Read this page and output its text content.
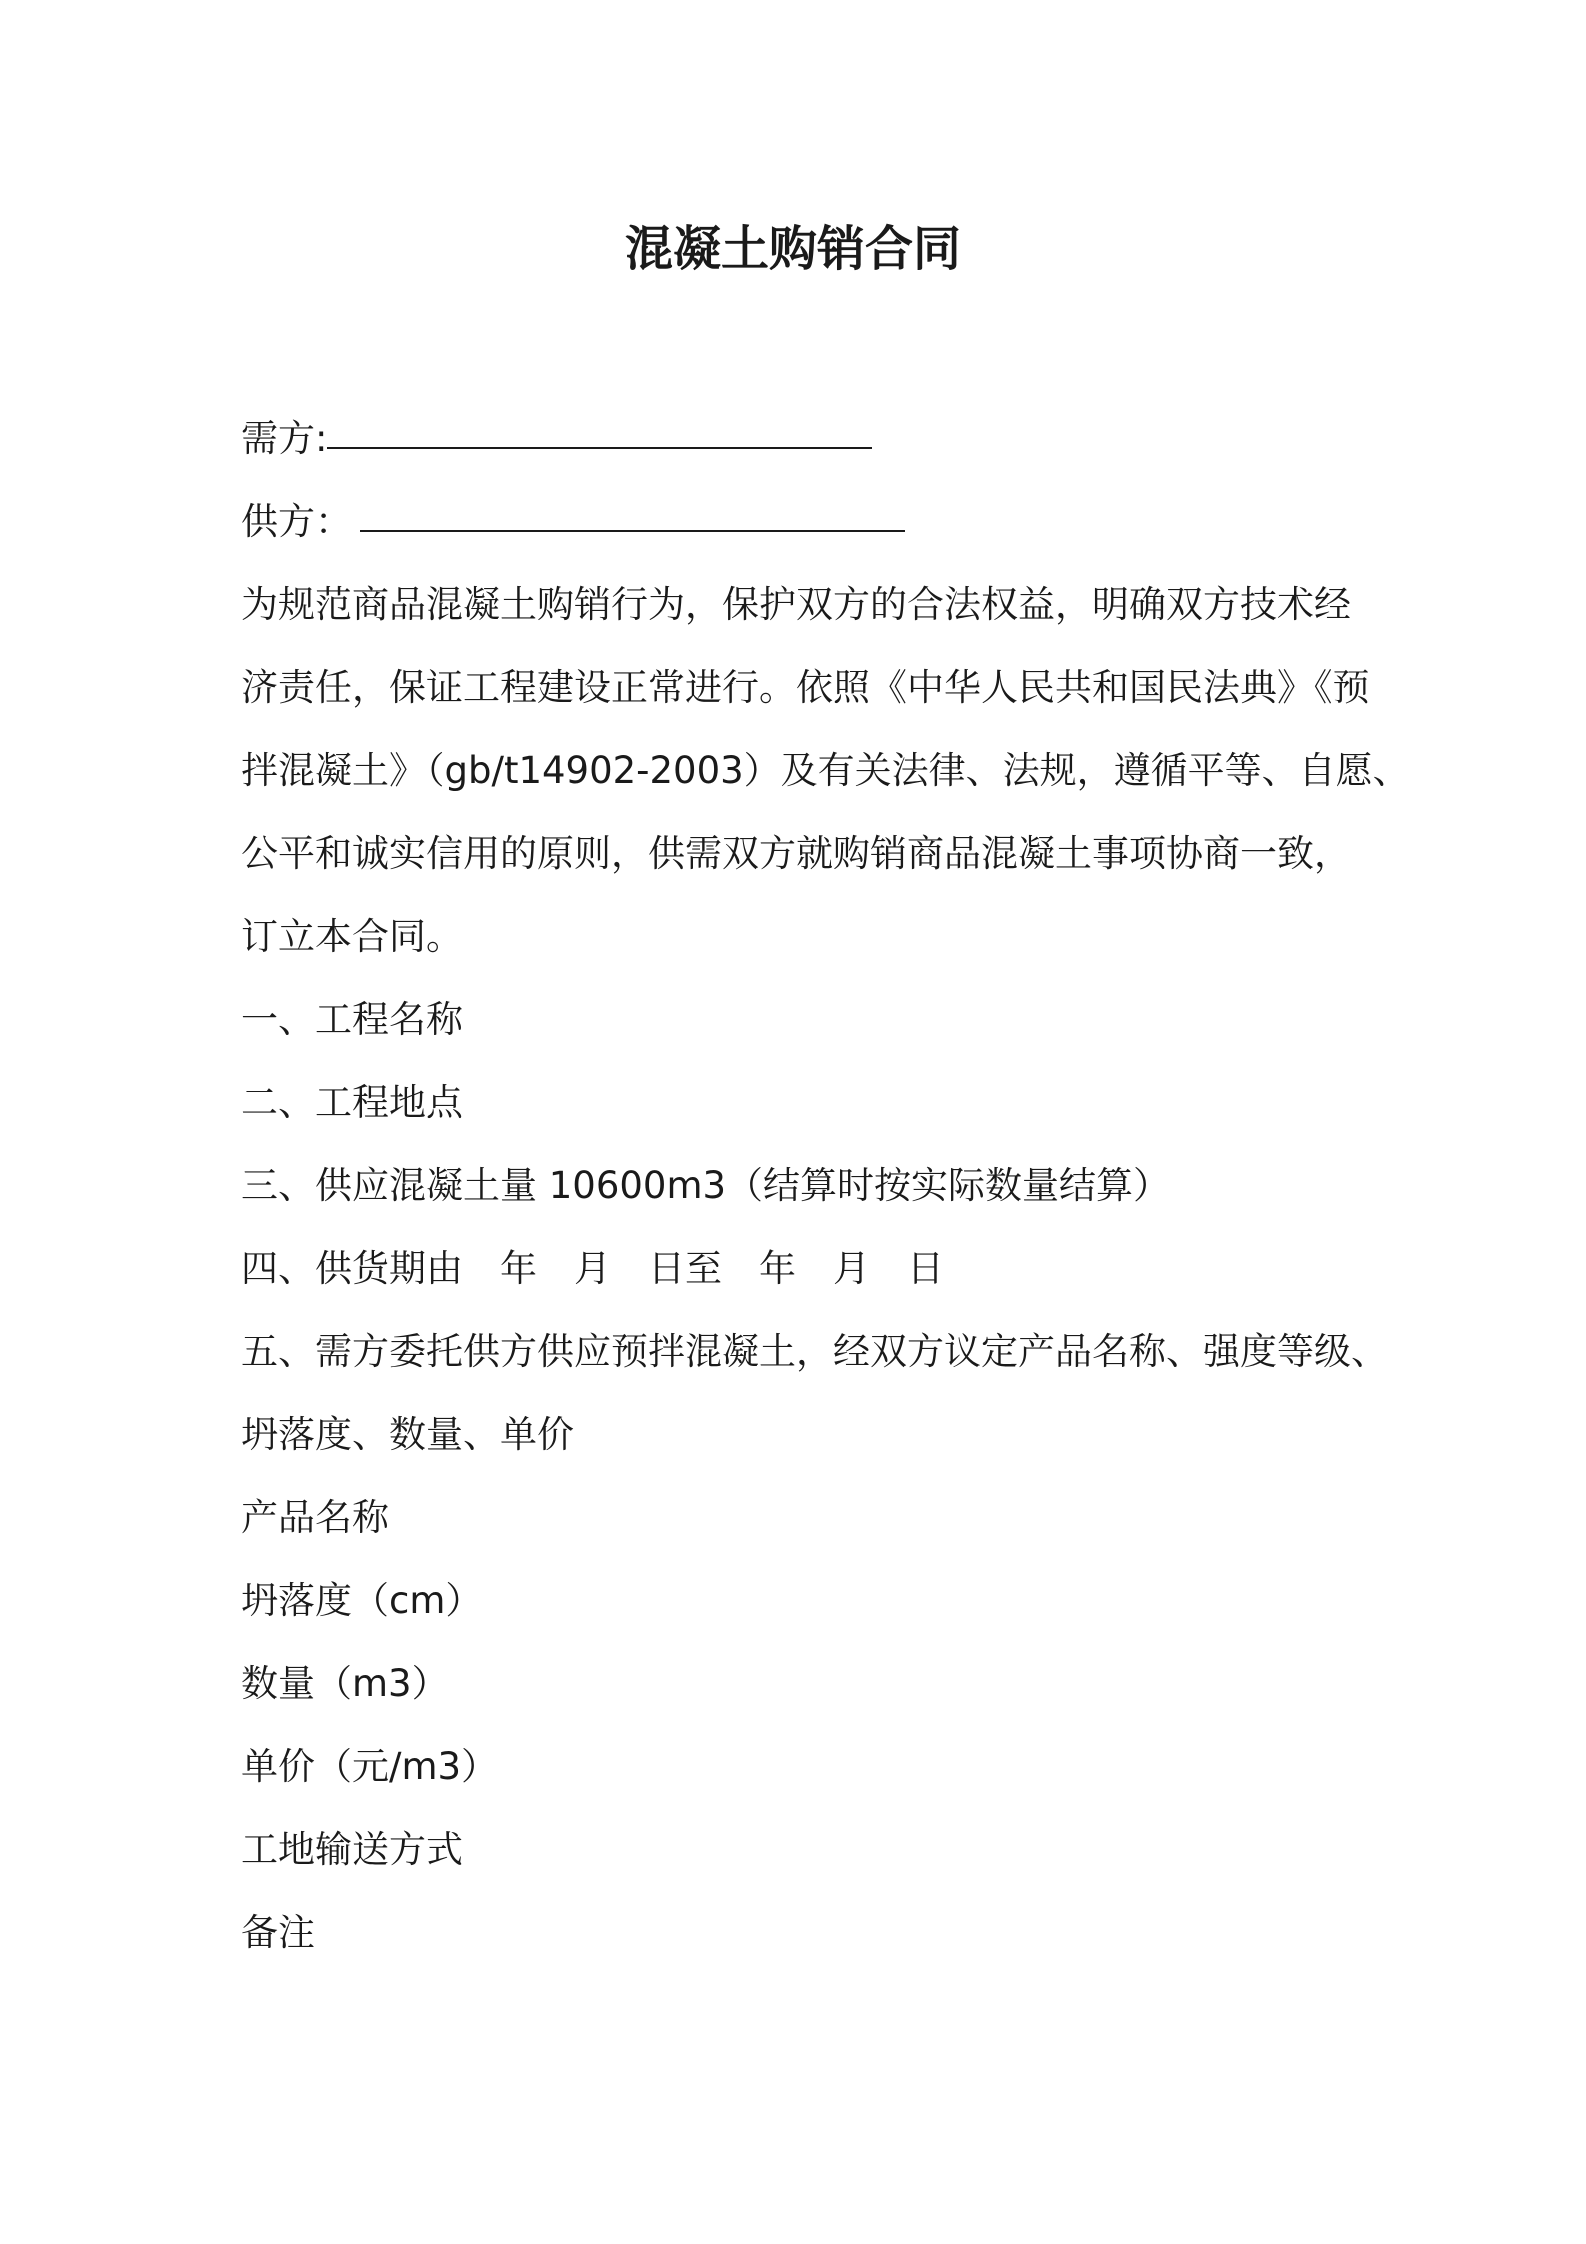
混凝土购销合同
需方:
供方：
为规范商品混凝土购销行为，保护双方的合法权益，明确双方技术经
济责任，保证工程建设正常进行。依照《中华人民共和国民法典》《预
拌混凝土》（gb/t14902-2003）及有关法律、法规，遵循平等、自愿、
公平和诚实信用的原则，供需双方就购销商品混凝土事项协商一致，
订立本合同。
一、工程名称
二、工程地点
三、供应混凝土量 10600m3（结算时按实际数量结算）
四、供货期由　年　月　日至　年　月　日
五、需方委托供方供应预拌混凝土，经双方议定产品名称、强度等级、
坍落度、数量、单价
产品名称
坍落度（cm）
数量（m3）
单价（元/m3）
工地输送方式
备注
